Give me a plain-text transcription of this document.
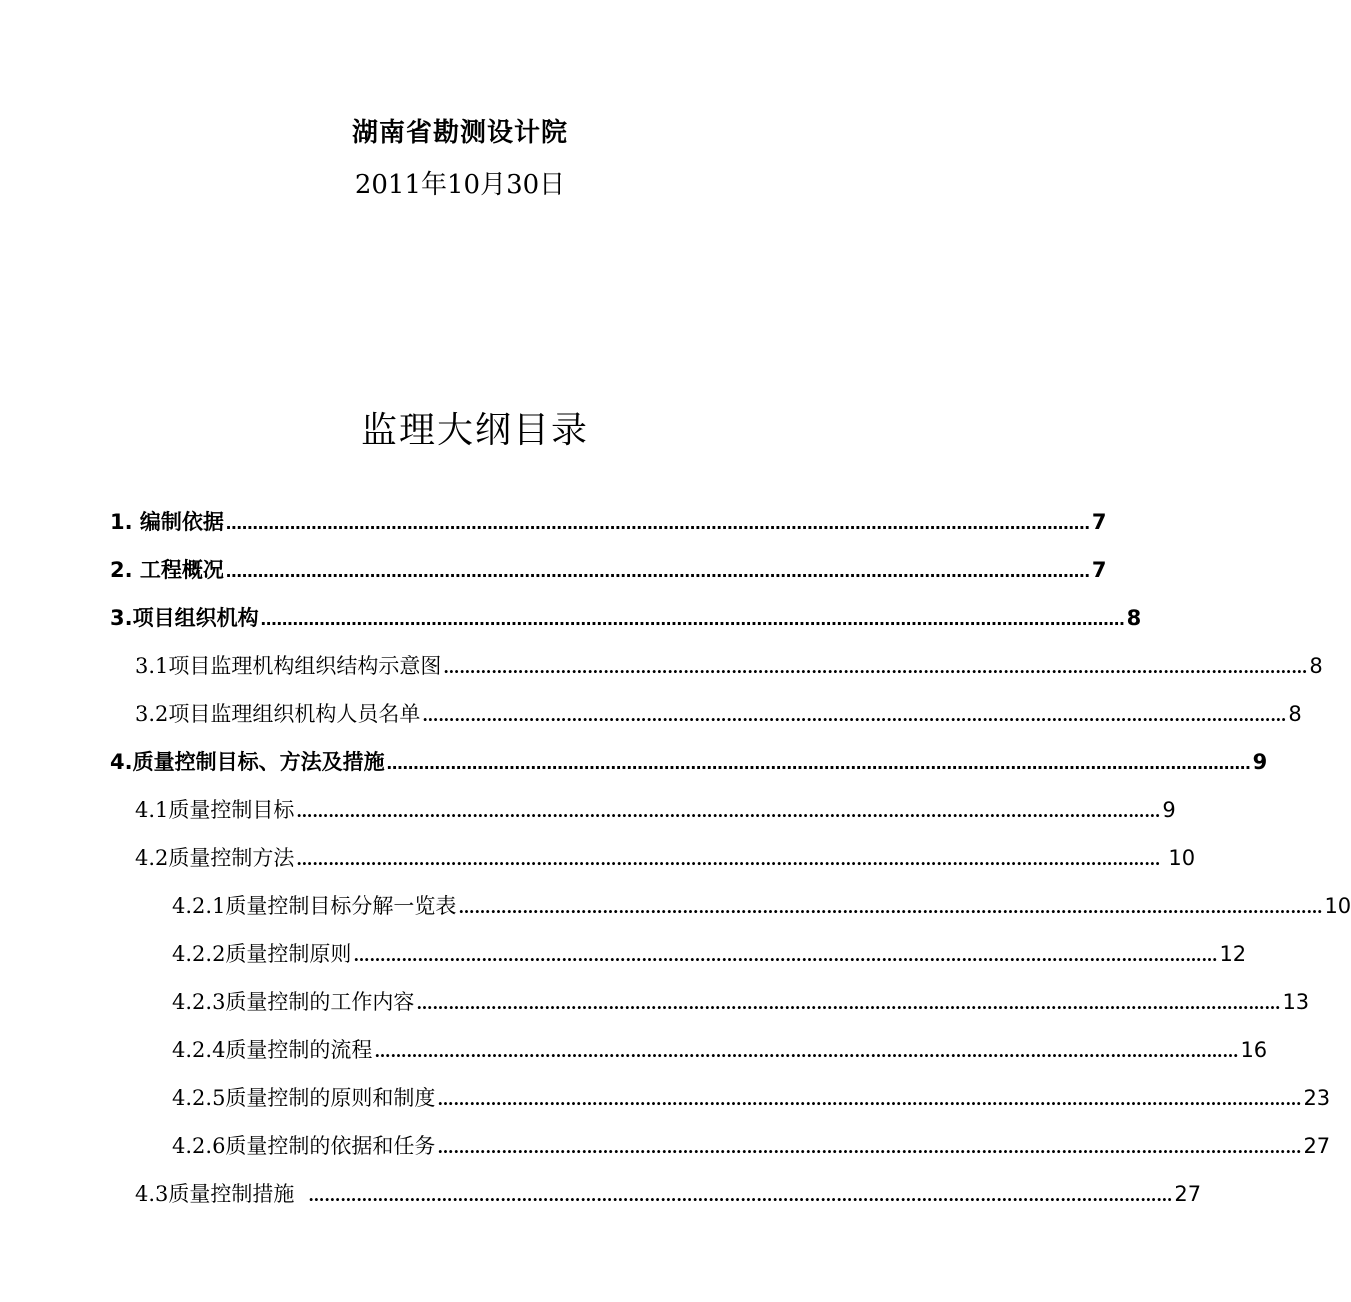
湖南省勘测设计院
2011年10月30日
监理大纲目录
1. 编制依据 ……………………………………………………………………………………………………………………………………………… 7
2. 工程概况 ……………………………………………………………………………………………………………………………………………… 7
3.项目组织机构 ……………………………………………………………………………………………………………………………………………… 8
3.1项目监理机构组织结构示意图 ……………………………………………………………………………………………………………………………………………… 8
3.2项目监理组织机构人员名单 ……………………………………………………………………………………………………………………………………………… 8
4.质量控制目标、方法及措施 ……………………………………………………………………………………………………………………………………………… 9
4.1质量控制目标 ……………………………………………………………………………………………………………………………………………… 9
4.2质量控制方法 ……………………………………………………………………………………………………………………………………………… 10
4.2.1质量控制目标分解一览表 ……………………………………………………………………………………………………………………………………………… 10
4.2.2质量控制原则 ……………………………………………………………………………………………………………………………………………… 12
4.2.3质量控制的工作内容 ……………………………………………………………………………………………………………………………………………… 13
4.2.4质量控制的流程 ……………………………………………………………………………………………………………………………………………… 16
4.2.5质量控制的原则和制度 ……………………………………………………………………………………………………………………………………………… 23
4.2.6质量控制的依据和任务 ……………………………………………………………………………………………………………………………………………… 27
4.3质量控制措施 ……………………………………………………………………………………………………………………………………………… 27
